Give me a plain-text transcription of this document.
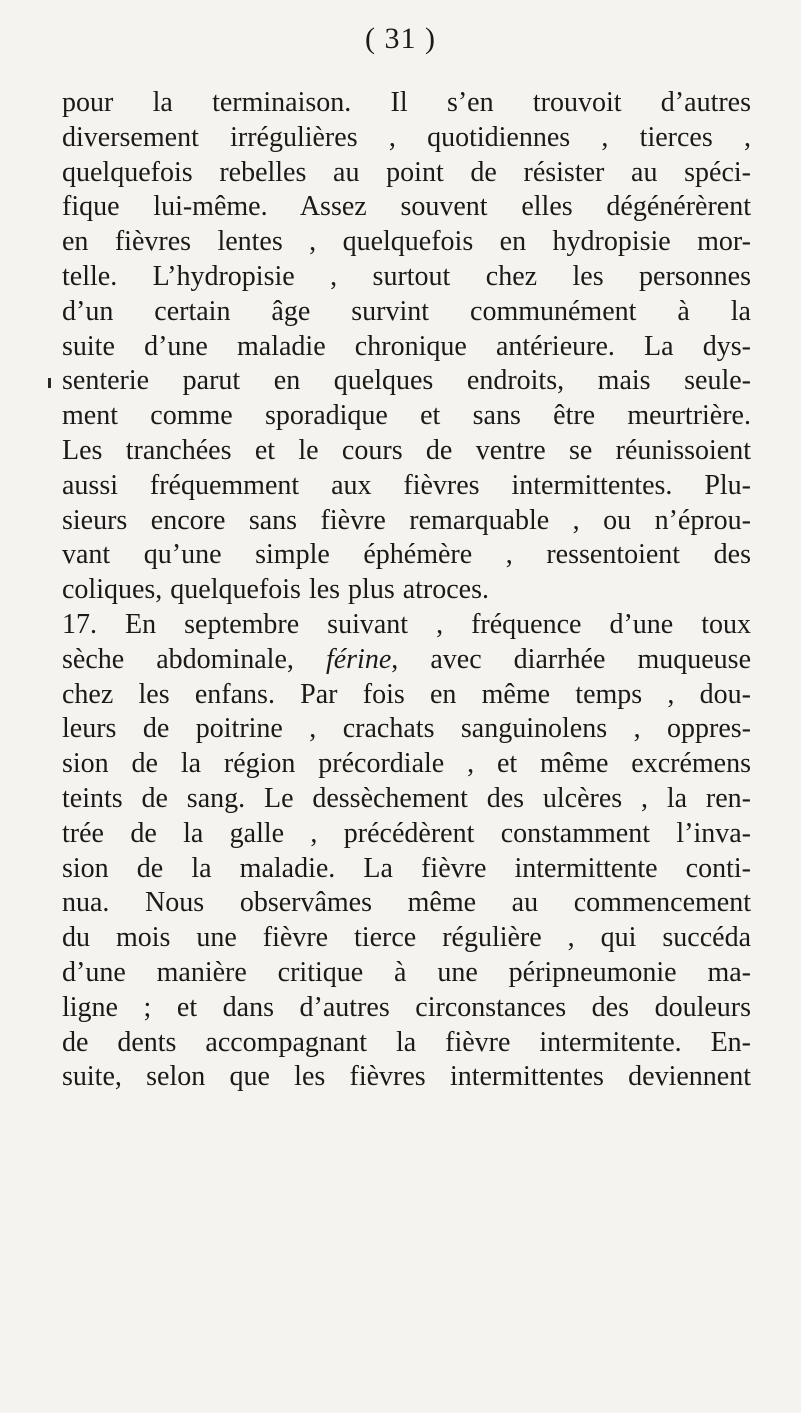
( 31 )
pour la terminaison. Il s’en trouvoit d’autres
diversement irrégulières , quotidiennes , tierces ,
quelquefois rebelles au point de résister au spéci-
fique lui-même. Assez souvent elles dégénérèrent
en fièvres lentes , quelquefois en hydropisie mor-
telle. L’hydropisie , surtout chez les personnes
d’un certain âge survint communément à la
suite d’une maladie chronique antérieure. La dys-
senterie parut en quelques endroits, mais seule-
ment comme sporadique et sans être meurtrière.
Les tranchées et le cours de ventre se réunissoient
aussi fréquemment aux fièvres intermittentes. Plu-
sieurs encore sans fièvre remarquable , ou n’éprou-
vant qu’une simple éphémère , ressentoient des
coliques, quelquefois les plus atroces.
17. En septembre suivant , fréquence d’une toux
sèche abdominale, férine, avec diarrhée muqueuse
chez les enfans. Par fois en même temps , dou-
leurs de poitrine , crachats sanguinolens , oppres-
sion de la région précordiale , et même excrémens
teints de sang. Le dessèchement des ulcères , la ren-
trée de la galle , précédèrent constamment l’inva-
sion de la maladie. La fièvre intermittente conti-
nua. Nous observâmes même au commencement
du mois une fièvre tierce régulière , qui succéda
d’une manière critique à une péripneumonie ma-
ligne ; et dans d’autres circonstances des douleurs
de dents accompagnant la fièvre intermitente. En-
suite, selon que les fièvres intermittentes deviennent
